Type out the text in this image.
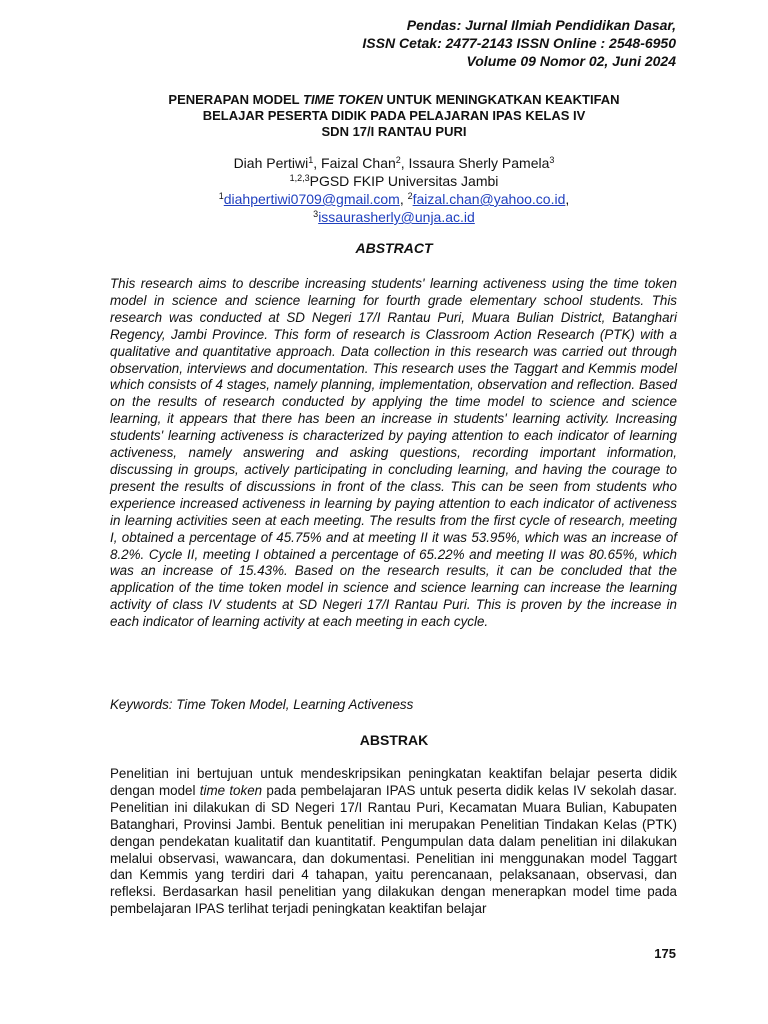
Pendas: Jurnal Ilmiah Pendidikan Dasar,
ISSN Cetak: 2477-2143 ISSN Online : 2548-6950
Volume 09 Nomor 02, Juni 2024
PENERAPAN MODEL TIME TOKEN UNTUK MENINGKATKAN KEAKTIFAN
BELAJAR PESERTA DIDIK PADA PELAJARAN IPAS KELAS IV
SDN 17/I RANTAU PURI
Diah Pertiwi$^1$, Faizal Chan$^2$, Issaura Sherly Pamela$^3$
$^{1,2,3}$PGSD FKIP Universitas Jambi
$^1$diahpertiwi0709@gmail.com, $^2$faizal.chan@yahoo.co.id,
$^3$issaurasherly@unja.ac.id
ABSTRACT
This research aims to describe increasing students' learning activeness using the time token model in science and science learning for fourth grade elementary school students. This research was conducted at SD Negeri 17/I Rantau Puri, Muara Bulian District, Batanghari Regency, Jambi Province. This form of research is Classroom Action Research (PTK) with a qualitative and quantitative approach. Data collection in this research was carried out through observation, interviews and documentation. This research uses the Taggart and Kemmis model which consists of 4 stages, namely planning, implementation, observation and reflection. Based on the results of research conducted by applying the time model to science and science learning, it appears that there has been an increase in students' learning activity. Increasing students' learning activeness is characterized by paying attention to each indicator of learning activeness, namely answering and asking questions, recording important information, discussing in groups, actively participating in concluding learning, and having the courage to present the results of discussions in front of the class. This can be seen from students who experience increased activeness in learning by paying attention to each indicator of activeness in learning activities seen at each meeting. The results from the first cycle of research, meeting I, obtained a percentage of 45.75% and at meeting II it was 53.95%, which was an increase of 8.2%. Cycle II, meeting I obtained a percentage of 65.22% and meeting II was 80.65%, which was an increase of 15.43%. Based on the research results, it can be concluded that the application of the time token model in science and science learning can increase the learning activity of class IV students at SD Negeri 17/I Rantau Puri. This is proven by the increase in each indicator of learning activity at each meeting in each cycle.
Keywords: Time Token Model, Learning Activeness
ABSTRAK
Penelitian ini bertujuan untuk mendeskripsikan peningkatan keaktifan belajar peserta didik dengan model time token pada pembelajaran IPAS untuk peserta didik kelas IV sekolah dasar. Penelitian ini dilakukan di SD Negeri 17/I Rantau Puri, Kecamatan Muara Bulian, Kabupaten Batanghari, Provinsi Jambi. Bentuk penelitian ini merupakan Penelitian Tindakan Kelas (PTK) dengan pendekatan kualitatif dan kuantitatif. Pengumpulan data dalam penelitian ini dilakukan melalui observasi, wawancara, dan dokumentasi. Penelitian ini menggunakan model Taggart dan Kemmis yang terdiri dari 4 tahapan, yaitu perencanaan, pelaksanaan, observasi, dan refleksi. Berdasarkan hasil penelitian yang dilakukan dengan menerapkan model time pada pembelajaran IPAS terlihat terjadi peningkatan keaktifan belajar
175
